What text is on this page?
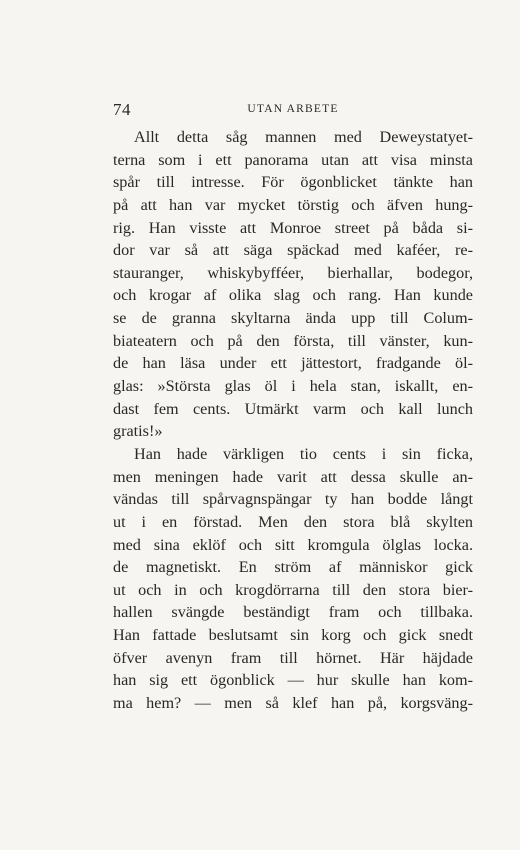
74	UTAN ARBETE
Allt detta såg mannen med Deweystatyet-
terna som i ett panorama utan att visa minsta
spår till intresse. För ögonblicket tänkte han
på att han var mycket törstig och äfven hung-
rig. Han visste att Monroe street på båda si-
dor var så att säga späckad med kaféer, re-
stauranger, whiskybyfféer, bierhallar, bodegor,
och krogar af olika slag och rang. Han kunde
se de granna skyltarna ända upp till Colum-
biateatern och på den första, till vänster, kun-
de han läsa under ett jättestort, fradgande öl-
glas: »Största glas öl i hela stan, iskallt, en-
dast fem cents. Utmärkt varm och kall lunch
gratis!»
Han hade värkligen tio cents i sin ficka,
men meningen hade varit att dessa skulle an-
vändas till spårvagnspängar ty han bodde långt
ut i en förstad. Men den stora blå skylten
med sina eklöf och sitt kromgula ölglas locka.
de magnetiskt. En ström af människor gick
ut och in och krogdörrarna till den stora bier-
hallen svängde beständigt fram och tillbaka.
Han fattade beslutsamt sin korg och gick snedt
öfver avenyn fram till hörnet. Här häjdade
han sig ett ögonblick — hur skulle han kom-
ma hem? — men så klef han på, korgsväng-
